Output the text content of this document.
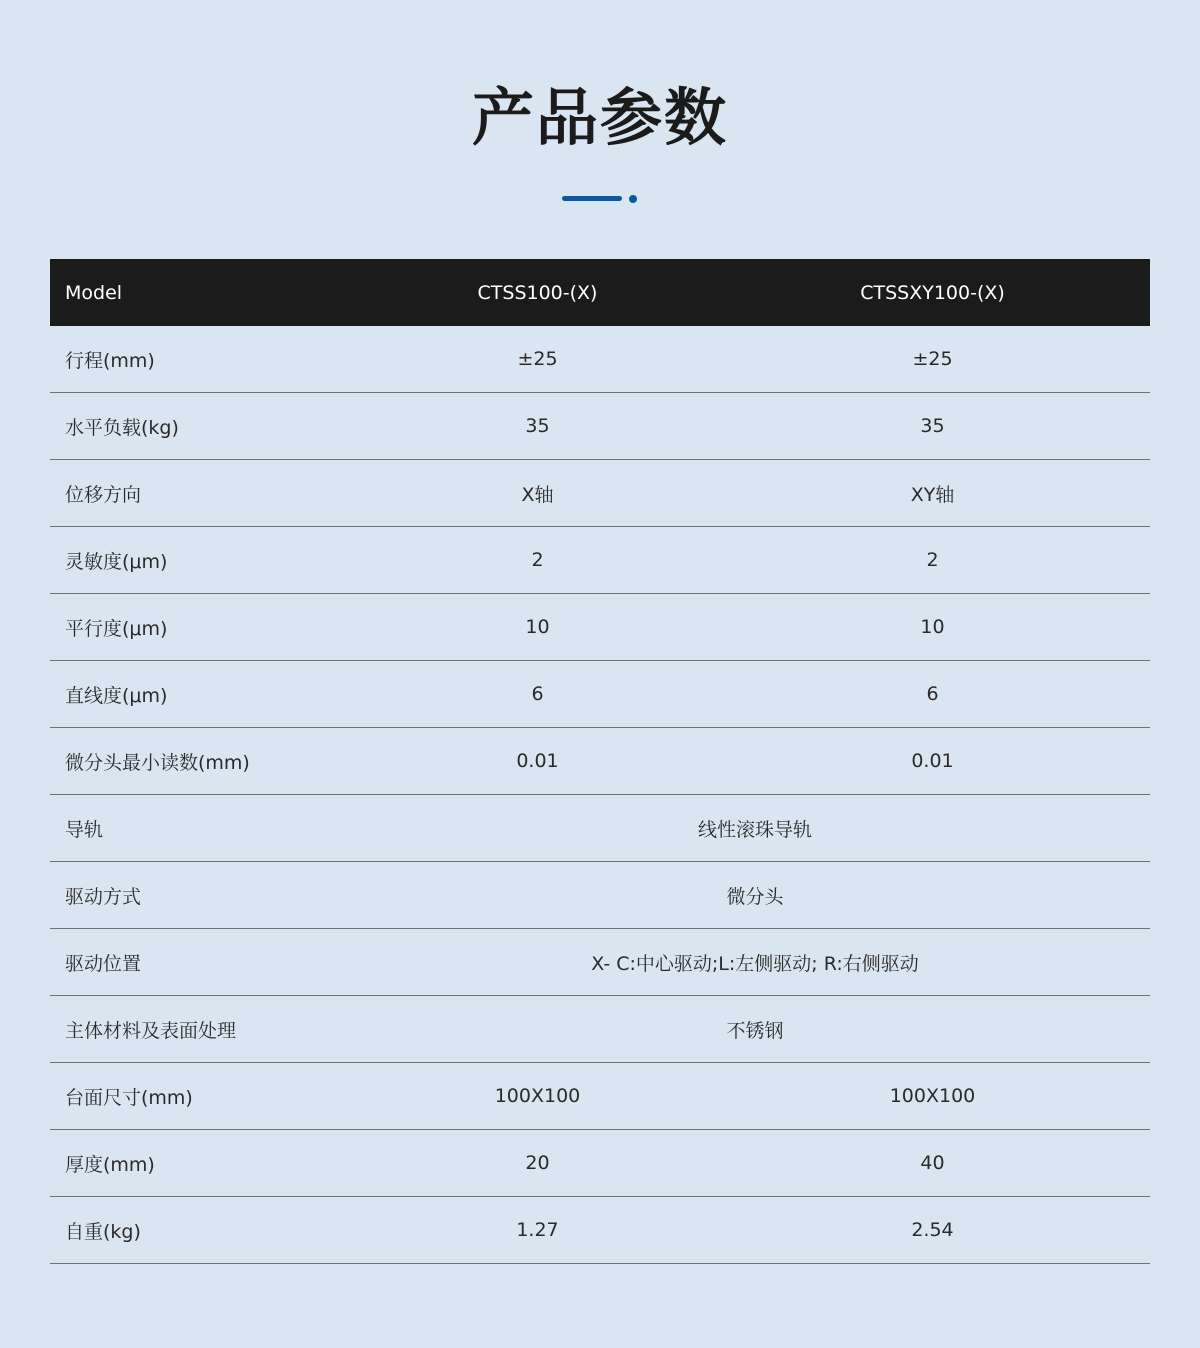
产品参数
Model	CTSS100-(X)	CTSSXY100-(X)
行程(mm)	±25	±25
水平负载(kg)	35	35
位移方向	X轴	XY轴
灵敏度(μm)	2	2
平行度(μm)	10	10
直线度(μm)	6	6
微分头最小读数(mm)	0.01	0.01
导轨	线性滚珠导轨	
驱动方式	微分头	
驱动位置	X- C:中心驱动;L:左侧驱动; R:右侧驱动	
主体材料及表面处理	不锈钢	
台面尺寸(mm)	100X100	100X100
厚度(mm)	20	40
自重(kg)	1.27	2.54
